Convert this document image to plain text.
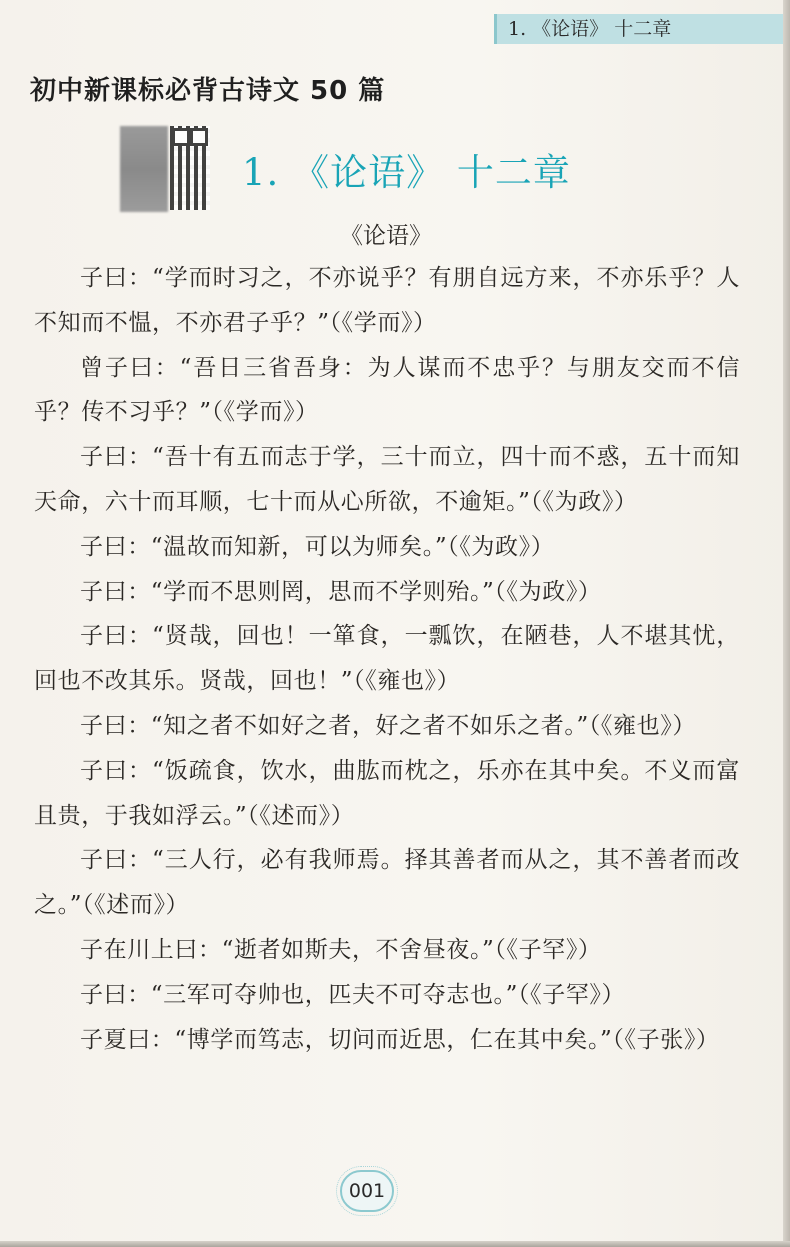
1. 《论语》 十二章
初中新课标必背古诗文 50 篇
1. 《论语》 十二章
《论语》

子曰：“学而时习之，不亦说乎？有朋自远方来，不亦乐乎？人不知而不愠，不亦君子乎？”（《学而》）

曾子曰：“吾日三省吾身：为人谋而不忠乎？与朋友交而不信乎？传不习乎？”（《学而》）

子曰：“吾十有五而志于学，三十而立，四十而不惑，五十而知天命，六十而耳顺，七十而从心所欲，不逾矩。”（《为政》）

子曰：“温故而知新，可以为师矣。”（《为政》）

子曰：“学而不思则罔，思而不学则殆。”（《为政》）

子曰：“贤哉，回也！一箪食，一瓢饮，在陋巷，人不堪其忧，回也不改其乐。贤哉，回也！”（《雍也》）

子曰：“知之者不如好之者，好之者不如乐之者。”（《雍也》）

子曰：“饭疏食，饮水，曲肱而枕之，乐亦在其中矣。不义而富且贵，于我如浮云。”（《述而》）

子曰：“三人行，必有我师焉。择其善者而从之，其不善者而改之。”（《述而》）

子在川上曰：“逝者如斯夫，不舍昼夜。”（《子罕》）

子曰：“三军可夺帅也，匹夫不可夺志也。”（《子罕》）

子夏曰：“博学而笃志，切问而近思，仁在其中矣。”（《子张》）

001
